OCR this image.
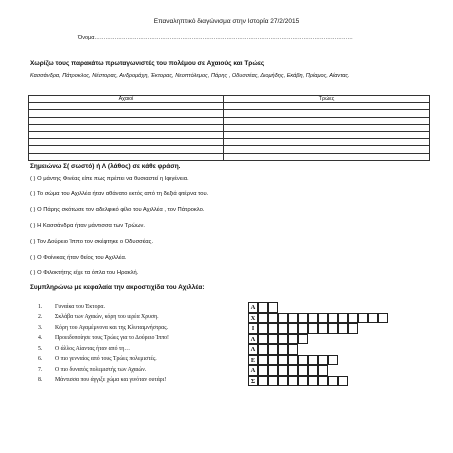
Επαναληπτικό διαγώνισμα στην Ιστορία 27/2/2015
Όνομα……………………………………………………………………………………………………………………………
Χωρίζω τους παρακάτω πρωταγωνιστές του πολέμου σε Αχαιούς και Τρώες
Κασσάνδρα, Πάτροκλος, Νέστορας, Ανδρομάχη, Έκτορας, Νεοπτόλεμος, Πάρης , Οδυσσέας, Διομήδης, Εκάβη, Πρίαμος, Αίαντας.
Αχαιοί	Τρώες

Σημειώνω Σ( σωστό) ή Λ (λάθος) σε κάθε φράση.
( ) Ο μάντης Φινέας είπε πως πρέπει να θυσιαστεί η Ιφιγένεια.
( ) Το σώμα του Αχιλλέα ήταν αθάνατο εκτός από τη δεξιά φτέρνα του.
( ) Ο Πάρης σκότωσε τον αδελφικό φίλο του Αχιλλέα , τον Πάτροκλο.
( ) Η Κασσάνδρα ήταν μάντισσα των Τρώων.
( ) Τον Δούρειο Ίππο τον σκέφτηκε ο Οδυσσέας.
( ) Ο Φοίνικας ήταν θείος του Αχιλλέα.
( ) Ο Φιλοκτήτης είχε τα όπλα του Ηρακλή.
Συμπληρώνω με κεφαλαία την ακροστιχίδα του Αχιλλέα:
1. Γυναίκα του Έκτορα.	Α
2. Σκλάβα των Αχαιών, κόρη του ιερέα Χρυση.	Χ
3. Κόρη του Αγαμέμνονα και της Κλυταιμνήστρας.	Ι
4. Προειδοποίησε τους Τρώες για το Δούρειο Ίππο!	Λ
5. Ο άλλος Αίαντας ήταν από τη…	Λ
6. Ο πιο γενναίος από τους Τρώες πολεμιστές.	Ε
7. Ο πιο δυνατός πολεμιστής των Αχαιών.	Α
8. Μάντισσα που άγγιξε χώμα και γινόταν ουτάρι!	Σ
